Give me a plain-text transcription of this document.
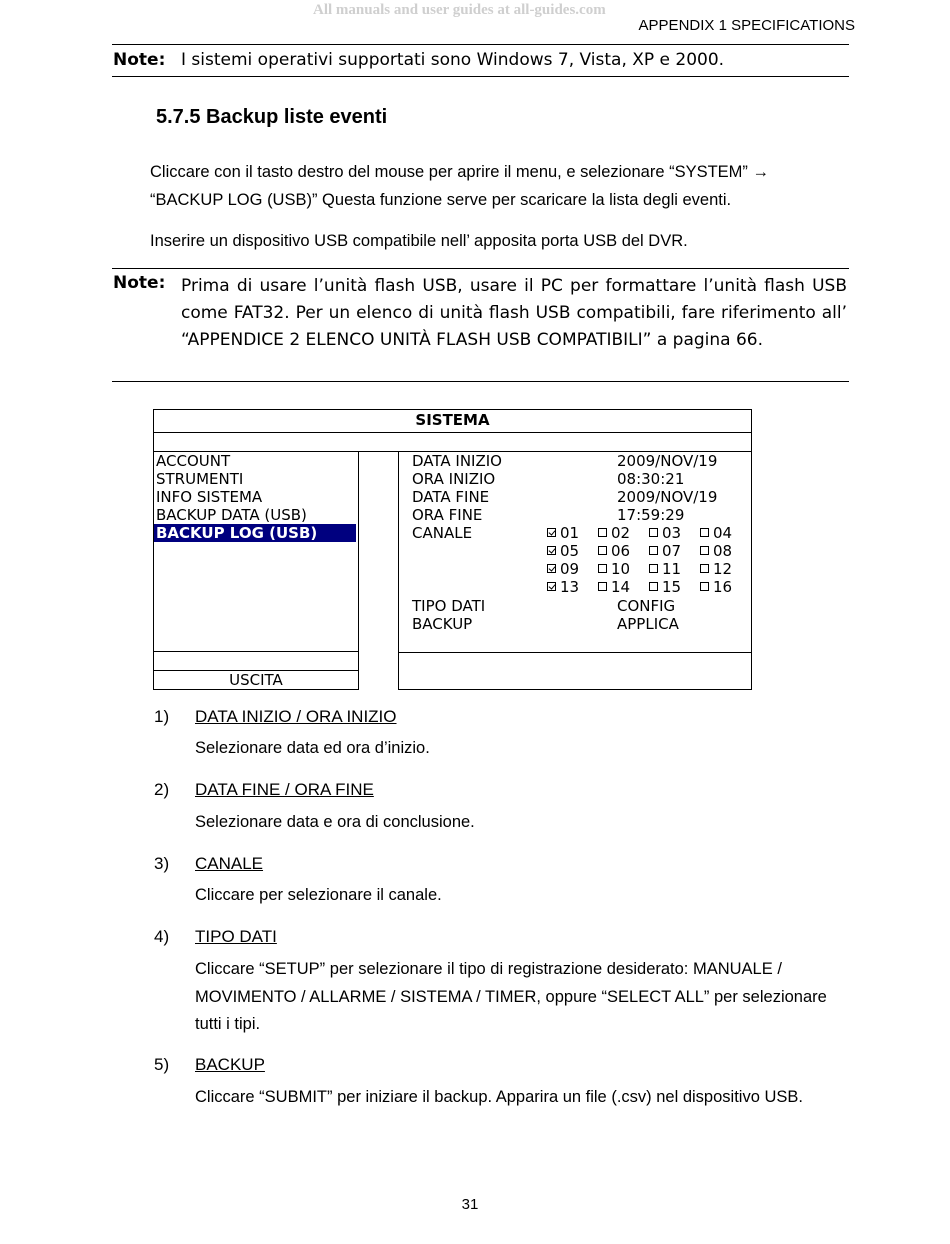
All manuals and user guides at all-guides.com
APPENDIX 1 SPECIFICATIONS
Note: I sistemi operativi supportati sono Windows 7, Vista, XP e 2000.
5.7.5 Backup liste eventi
Cliccare con il tasto destro del mouse per aprire il menu, e selezionare “SYSTEM” →
“BACKUP LOG (USB)” Questa funzione serve per scaricare la lista degli eventi.
Inserire un dispositivo USB compatibile nell’ apposita porta USB del DVR.
Note: Prima di usare l’unità flash USB, usare il PC per formattare l’unità flash USB come FAT32. Per un elenco di unità flash USB compatibili, fare riferimento all’ “APPENDICE 2 ELENCO UNITÀ FLASH USB COMPATIBILI” a pagina 66.
SISTEMA
USCITA
ACCOUNT
STRUMENTI
INFO SISTEMA
BACKUP DATA (USB)
BACKUP LOG (USB)
DATA INIZIO	2009/NOV/19
ORA INIZIO	08:30:21
DATA FINE	2009/NOV/19
ORA FINE	17:59:29
CANALE	01	02	03	04
05	06	07	08
09	10	11	12
13	14	15	16
TIPO DATI	CONFIG
BACKUP	APPLICA
1) DATA INIZIO / ORA INIZIO
Selezionare data ed ora d’inizio.
2) DATA FINE / ORA FINE
Selezionare data e ora di conclusione.
3) CANALE
Cliccare per selezionare il canale.
4) TIPO DATI
Cliccare “SETUP” per selezionare il tipo di registrazione desiderato: MANUALE / MOVIMENTO / ALLARME / SISTEMA / TIMER, oppure “SELECT ALL” per selezionare tutti i tipi.
5) BACKUP
Cliccare “SUBMIT” per iniziare il backup. Apparira un file (.csv) nel dispositivo USB.
31
